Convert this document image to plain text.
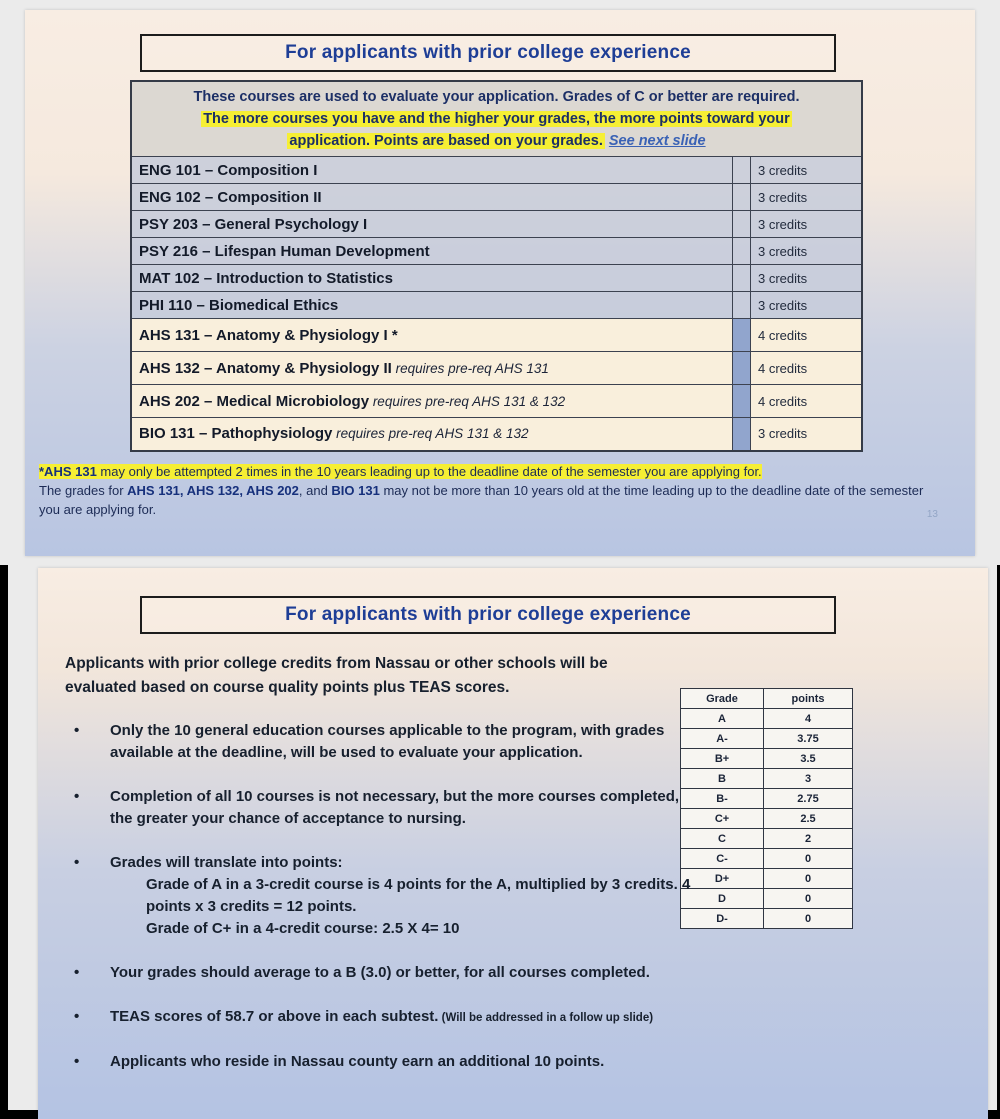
For applicants with prior college experience
These courses are used to evaluate your application. Grades of C or better are required.
The more courses you have and the higher your grades, the more points toward your
application. Points are based on your grades. See next slide		
ENG 101 – Composition I		3 credits
ENG 102 – Composition II		3 credits
PSY 203 – General Psychology I		3 credits
PSY 216 – Lifespan Human Development		3 credits
MAT 102 – Introduction to Statistics		3 credits
PHI 110 – Biomedical Ethics		3 credits
AHS 131 – Anatomy & Physiology I *		4 credits
AHS 132 – Anatomy & Physiology II requires pre-req AHS 131		4 credits
AHS 202 – Medical Microbiology requires pre-req AHS 131 & 132		4 credits
BIO 131 – Pathophysiology requires pre-req AHS 131 & 132		3 credits
*AHS 131 may only be attempted 2 times in the 10 years leading up to the deadline date of the semester you are applying for.
The grades for AHS 131, AHS 132, AHS 202, and BIO 131 may not be more than 10 years old at the time leading up to the deadline date of the semester you are applying for.	13
For applicants with prior college experience
Applicants with prior college credits from Nassau or other schools will be evaluated based on course quality points plus TEAS scores.
Grade	points
A	4
A-	3.75
B+	3.5
B	3
B-	2.75
C+	2.5
C	2
C-	0
D+	0
D	0
D-	0
•	Only the 10 general education courses applicable to the program, with grades available at the deadline, will be used to evaluate your application.
•	Completion of all 10 courses is not necessary, but the more courses completed, the greater your chance of acceptance to nursing.
•	Grades will translate into points:
Grade of A in a 3-credit course is 4 points for the A, multiplied by 3 credits. 4 points x 3 credits = 12 points.
Grade of C+ in a 4-credit course: 2.5 X 4= 10
•	Your grades should average to a B (3.0) or better, for all courses completed.
•	TEAS scores of 58.7 or above in each subtest. (Will be addressed in a follow up slide)
•	Applicants who reside in Nassau county earn an additional 10 points.
